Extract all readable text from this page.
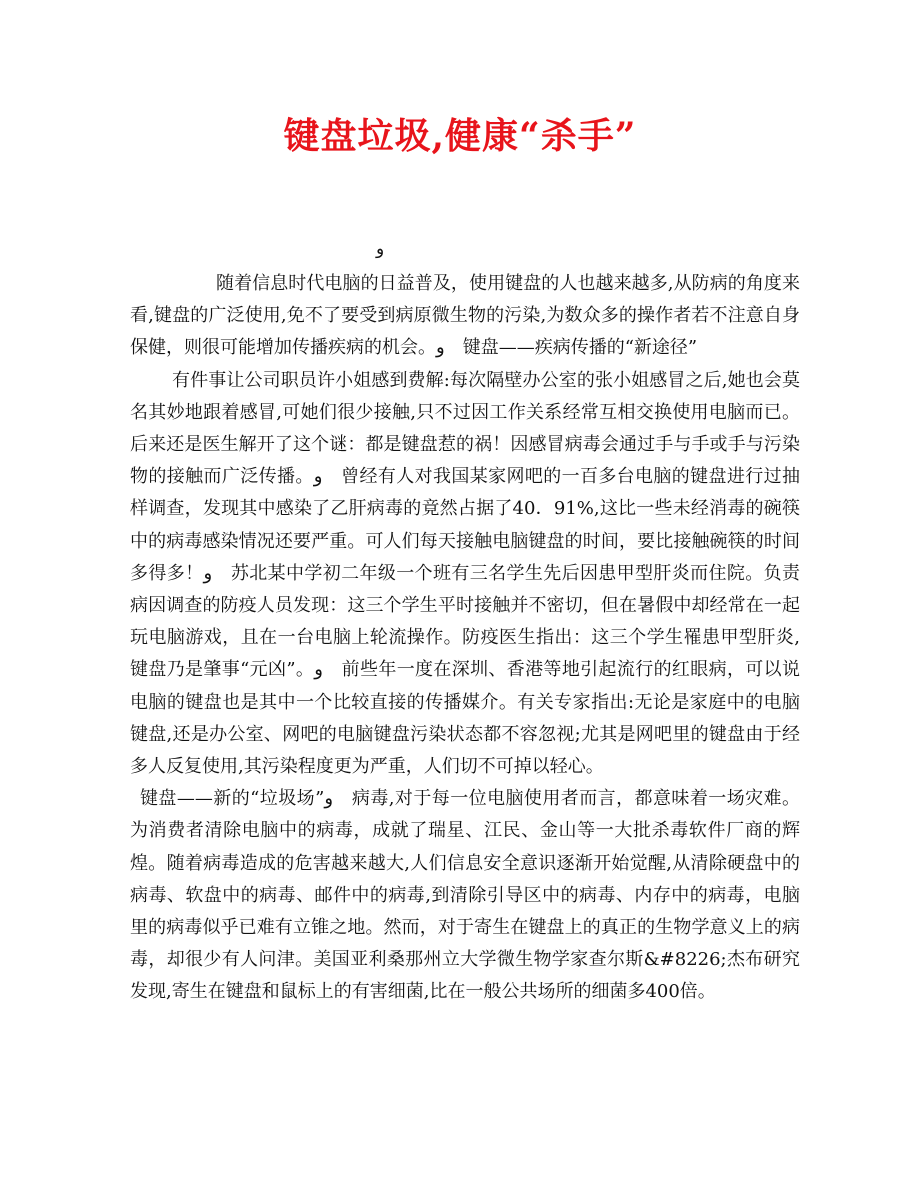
键盘垃圾,健康“杀手”
و

随着信息时代电脑的日益普及，使用键盘的人也越来越多,从防病的角度来看,键盘的广泛使用,免不了要受到病原微生物的污染,为数众多的操作者若不注意自身保健，则很可能增加传播疾病的机会。و　键盘——疾病传播的“新途径”

有件事让公司职员许小姐感到费解:每次隔壁办公室的张小姐感冒之后,她也会莫名其妙地跟着感冒,可她们很少接触,只不过因工作关系经常互相交换使用电脑而已。后来还是医生解开了这个谜：都是键盘惹的祸！因感冒病毒会通过手与手或手与污染物的接触而广泛传播。و　曾经有人对我国某家网吧的一百多台电脑的键盘进行过抽样调查，发现其中感染了乙肝病毒的竟然占据了40．91%,这比一些未经消毒的碗筷中的病毒感染情况还要严重。可人们每天接触电脑键盘的时间，要比接触碗筷的时间多得多！و　苏北某中学初二年级一个班有三名学生先后因患甲型肝炎而住院。负责病因调查的防疫人员发现：这三个学生平时接触并不密切，但在暑假中却经常在一起玩电脑游戏，且在一台电脑上轮流操作。防疫医生指出：这三个学生罹患甲型肝炎,键盘乃是肇事“元凶”。و　前些年一度在深圳、香港等地引起流行的红眼病，可以说电脑的键盘也是其中一个比较直接的传播媒介。有关专家指出:无论是家庭中的电脑键盘,还是办公室、网吧的电脑键盘污染状态都不容忽视;尤其是网吧里的键盘由于经多人反复使用,其污染程度更为严重，人们切不可掉以轻心。

键盘——新的“垃圾场”و　病毒,对于每一位电脑使用者而言，都意味着一场灾难。为消费者清除电脑中的病毒，成就了瑞星、江民、金山等一大批杀毒软件厂商的辉煌。随着病毒造成的危害越来越大,人们信息安全意识逐渐开始觉醒,从清除硬盘中的病毒、软盘中的病毒、邮件中的病毒,到清除引导区中的病毒、内存中的病毒，电脑里的病毒似乎已难有立锥之地。然而，对于寄生在键盘上的真正的生物学意义上的病毒，却很少有人问津。美国亚利桑那州立大学微生物学家查尔斯&#8226;杰布研究发现,寄生在键盘和鼠标上的有害细菌,比在一般公共场所的细菌多400倍。
